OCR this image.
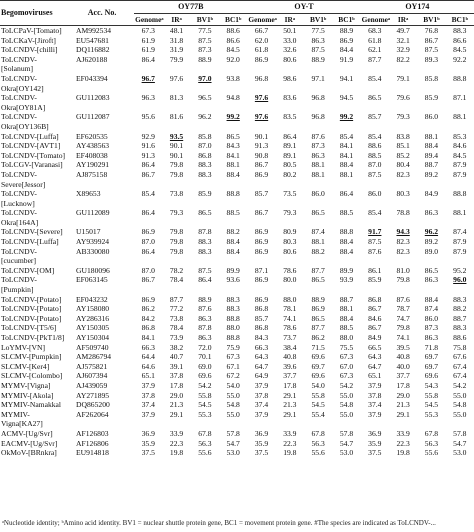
Begomoviruses	Acc. No.	OY77B				OY-T				OY174			
		Genomeᵃ	IRᵃ	BV1ᵇ	BC1ᵇ	Genomeᵃ	IRᵃ	BV1ᵇ	BC1ᵇ	Genomeᵃ	IRᵃ	BV1ᵇ	BC1ᵇ
ToLCPaV-[Tomato]	AM992534	67.3	48.1	77.5	88.6	66.7	50.1	77.5	88.9	68.3	49.7	76.8	88.3
ToLCKaV-[Jiroft]	EU547681	61.9	31.8	87.5	86.6	62.0	33.0	86.3	86.9	61.8	32.1	86.7	86.6
ToLCNDV-[chilli]	DQ116882	61.9	31.9	87.3	84.5	61.8	32.6	87.5	84.4	62.1	32.9	87.5	84.5
ToLCNDV-	AJ620188	86.4	79.9	88.9	92.0	86.9	80.6	88.9	91.9	87.7	82.2	89.3	92.2
[Solanum]													
ToLCNDV-	EF043394	96.7	97.6	97.0	93.8	96.8	98.6	97.1	94.1	85.4	79.1	85.8	88.8
Okra[OY142]													
ToLCNDV-	GU112083	96.3	81.3	96.5	94.8	97.6	83.6	96.8	94.5	86.5	79.6	85.9	87.1
Okra[OY81A]													
ToLCNDV-	GU112087	95.6	81.6	96.2	99.2	97.6	83.5	96.8	99.2	85.7	79.3	86.0	88.1
Okra[OY136B]													
ToLCNDV-[Luffa]	EF620535	92.9	93.5	85.8	86.5	90.1	86.4	87.6	85.4	85.4	83.8	88.1	85.3
ToLCNDV-[AVT1]	AY438563	91.6	90.1	87.0	84.3	91.3	89.1	87.3	84.1	88.6	85.1	88.4	84.6
ToLCNDV-[Tomato]	EF408038	91.3	90.1	86.8	84.1	90.8	89.1	86.3	84.1	88.5	85.2	89.4	84.5
ToLCGV-[Varanasi]	AY190291	86.4	79.8	88.3	88.1	86.7	80.5	88.1	88.4	87.0	80.4	88.7	87.9
ToLCNDV-	AJ875158	86.7	79.8	88.3	88.4	86.9	80.2	88.1	88.1	87.5	82.3	89.2	87.9
Severe[Jessor]													
ToLCNDV-	X89653	85.4	73.8	85.9	88.8	85.7	73.5	86.0	86.4	86.0	80.3	84.9	88.8
[Lucknow]													
ToLCNDV-	GU112089	86.4	79.3	86.5	88.5	86.7	79.3	86.5	88.5	85.4	78.8	86.3	88.1
Okra[164A]													
ToLCNDV-[Severe]	U15017	86.9	79.8	87.8	88.2	86.9	80.9	87.4	88.8	91.7	94.3	96.2	87.4
ToLCNDV-[Luffa]	AY939924	87.0	79.8	88.3	88.4	86.9	80.3	88.1	88.4	87.5	82.3	89.2	87.9
ToLCNDV-	AB330080	86.4	79.8	88.3	88.4	86.9	80.6	88.2	88.4	87.6	82.3	89.0	87.9
[cucumber]													
ToLCNDV-[OM]	GU180096	87.0	78.2	87.5	89.9	87.1	78.6	87.7	89.9	86.1	81.0	86.5	95.2
ToLCNDV-	EF063145	86.7	78.4	86.4	93.6	86.9	80.0	86.5	93.9	85.9	79.8	86.3	96.0
[Pumpkin]													
ToLCNDV-[Potato]	EF043232	86.9	87.7	88.9	88.3	86.9	88.0	88.9	88.7	86.8	87.6	88.4	88.3
ToLCNDV-[Potato]	AY158080	86.2	77.2	87.6	88.3	86.8	78.1	86.9	88.1	86.7	78.7	87.4	88.2
ToLCNDV-[Potato]	AY286316	84.2	73.8	86.3	88.8	85.7	74.1	86.5	88.4	84.6	74.7	86.0	88.7
ToLCNDV-[T5/6]	AY150305	86.8	78.4	87.8	88.0	86.8	78.6	87.7	88.5	86.7	79.8	87.3	88.3
ToLCNDV-[PkT1/8]	AY150304	84.1	73.9	86.3	88.8	84.3	73.7	86.2	88.0	84.9	74.1	86.3	88.6
LoYMV-[VN]	AF509740	66.3	38.2	72.0	75.9	66.3	38.4	71.5	75.5	66.5	39.5	71.8	75.8
SLCMV-[Pumpkin]	AM286794	64.4	40.7	70.1	67.3	64.3	40.8	69.6	67.3	64.3	40.8	69.7	67.6
SLCMV-[Ker4]	AJ575821	64.6	39.1	69.0	67.1	64.7	39.6	69.7	67.0	64.7	40.0	69.7	67.4
SLCMV-[Colombo]	AJ607394	65.1	37.8	69.6	67.2	64.9	37.7	69.6	67.3	65.1	37.7	69.6	67.4
MYMV-[Vigna]	AJ439059	37.9	17.8	54.2	54.0	37.9	17.8	54.0	54.2	37.9	17.8	54.3	54.2
MYMIV-[Akola]	AY271895	37.8	29.0	55.8	55.0	37.8	29.1	55.8	55.0	37.8	29.0	55.8	55.0
MYMIV-Namakkal	DQ865200	37.4	21.3	54.5	54.8	37.4	21.3	54.5	54.8	37.4	21.3	54.5	54.8
MYMIV-	AF262064	37.9	29.1	55.3	55.0	37.9	29.1	55.4	55.0	37.9	29.1	55.3	55.0
Vigna[KA27]													
ACMV-[Ug/Svr]	AF126803	36.9	33.9	67.8	57.8	36.9	33.9	67.8	57.8	36.9	33.9	67.8	57.8
EACMV-[Ug/Svr]	AF126806	35.9	22.3	56.3	54.7	35.9	22.3	56.3	54.7	35.9	22.3	56.3	54.7
OkMoV-[BRnkra]	EU914818	37.5	19.8	55.6	53.0	37.5	19.8	55.6	53.0	37.5	19.8	55.6	53.0
ᵃNucleotide identity; ᵇAmino acid identity. BV1 = nuclear shuttle protein gene, BC1 = movement protein gene. #The species are indicated as ToLCNDV-...
